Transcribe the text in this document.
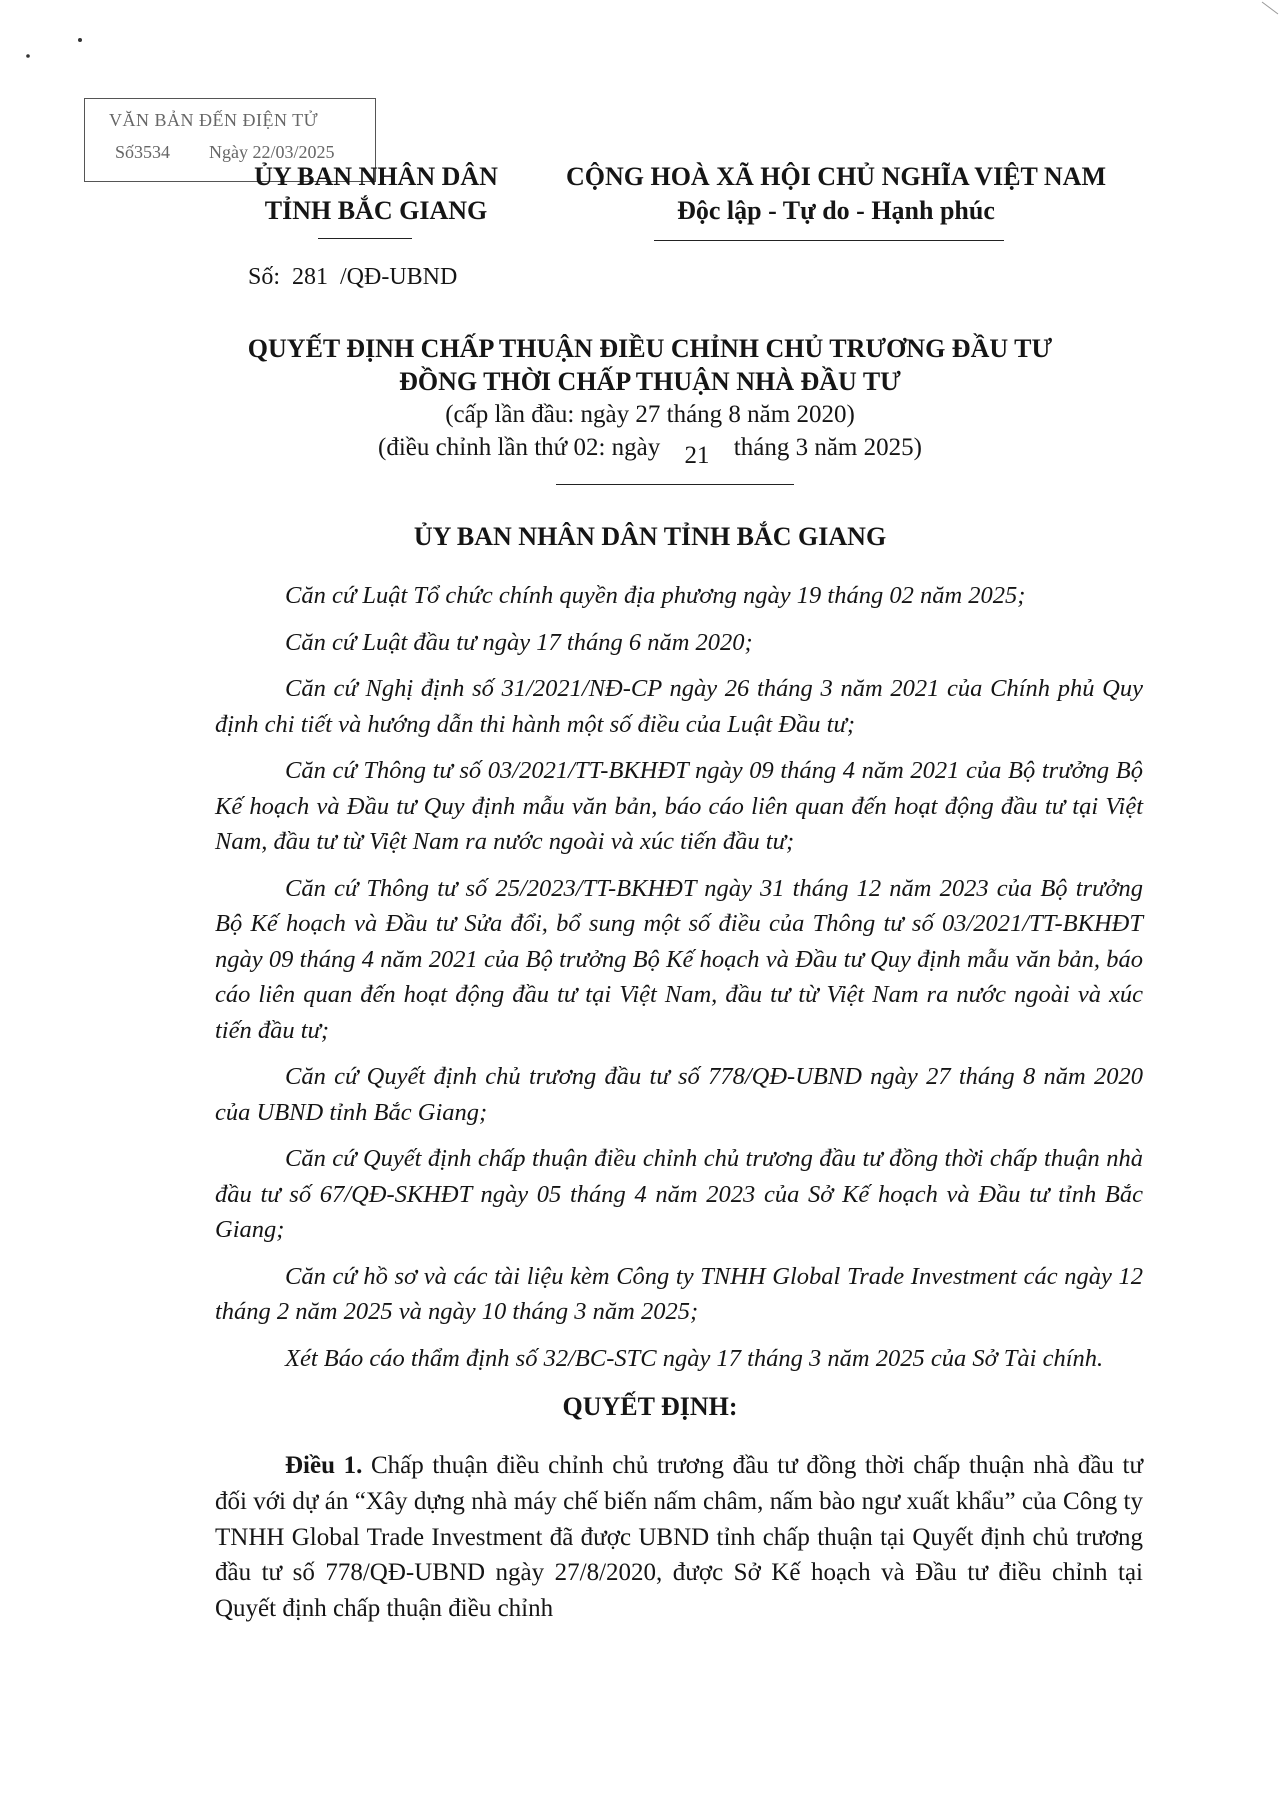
VĂN BẢN ĐẾN ĐIỆN TỬ
Số3534 Ngày 22/03/2025
ỦY BAN NHÂN DÂN
TỈNH BẮC GIANG
CỘNG HOÀ XÃ HỘI CHỦ NGHĨA VIỆT NAM
Độc lập - Tự do - Hạnh phúc
Số:  281  /QĐ-UBND
QUYẾT ĐỊNH CHẤP THUẬN ĐIỀU CHỈNH CHỦ TRƯƠNG ĐẦU TƯ
ĐỒNG THỜI CHẤP THUẬN NHÀ ĐẦU TƯ
(cấp lần đầu: ngày 27 tháng 8 năm 2020)
(điều chỉnh lần thứ 02: ngày 21 tháng 3 năm 2025)
ỦY BAN NHÂN DÂN TỈNH BẮC GIANG

Căn cứ Luật Tổ chức chính quyền địa phương ngày 19 tháng 02 năm 2025;

Căn cứ Luật đầu tư ngày 17 tháng 6 năm 2020;

Căn cứ Nghị định số 31/2021/NĐ-CP ngày 26 tháng 3 năm 2021 của Chính phủ Quy định chi tiết và hướng dẫn thi hành một số điều của Luật Đầu tư;

Căn cứ Thông tư số 03/2021/TT-BKHĐT ngày 09 tháng 4 năm 2021 của Bộ trưởng Bộ Kế hoạch và Đầu tư Quy định mẫu văn bản, báo cáo liên quan đến hoạt động đầu tư tại Việt Nam, đầu tư từ Việt Nam ra nước ngoài và xúc tiến đầu tư;

Căn cứ Thông tư số 25/2023/TT-BKHĐT ngày 31 tháng 12 năm 2023 của Bộ trưởng Bộ Kế hoạch và Đầu tư Sửa đổi, bổ sung một số điều của Thông tư số 03/2021/TT-BKHĐT ngày 09 tháng 4 năm 2021 của Bộ trưởng Bộ Kế hoạch và Đầu tư Quy định mẫu văn bản, báo cáo liên quan đến hoạt động đầu tư tại Việt Nam, đầu tư từ Việt Nam ra nước ngoài và xúc tiến đầu tư;

Căn cứ Quyết định chủ trương đầu tư số 778/QĐ-UBND ngày 27 tháng 8 năm 2020 của UBND tỉnh Bắc Giang;

Căn cứ Quyết định chấp thuận điều chỉnh chủ trương đầu tư đồng thời chấp thuận nhà đầu tư số 67/QĐ-SKHĐT ngày 05 tháng 4 năm 2023 của Sở Kế hoạch và Đầu tư tỉnh Bắc Giang;

Căn cứ hồ sơ và các tài liệu kèm Công ty TNHH Global Trade Investment các ngày 12 tháng 2 năm 2025 và ngày 10 tháng 3 năm 2025;

Xét Báo cáo thẩm định số 32/BC-STC ngày 17 tháng 3 năm 2025 của Sở Tài chính.

QUYẾT ĐỊNH:

Điều 1. Chấp thuận điều chỉnh chủ trương đầu tư đồng thời chấp thuận nhà đầu tư đối với dự án “Xây dựng nhà máy chế biến nấm châm, nấm bào ngư xuất khẩu” của Công ty TNHH Global Trade Investment đã được UBND tỉnh chấp thuận tại Quyết định chủ trương đầu tư số 778/QĐ-UBND ngày 27/8/2020, được Sở Kế hoạch và Đầu tư điều chỉnh tại Quyết định chấp thuận điều chỉnh
